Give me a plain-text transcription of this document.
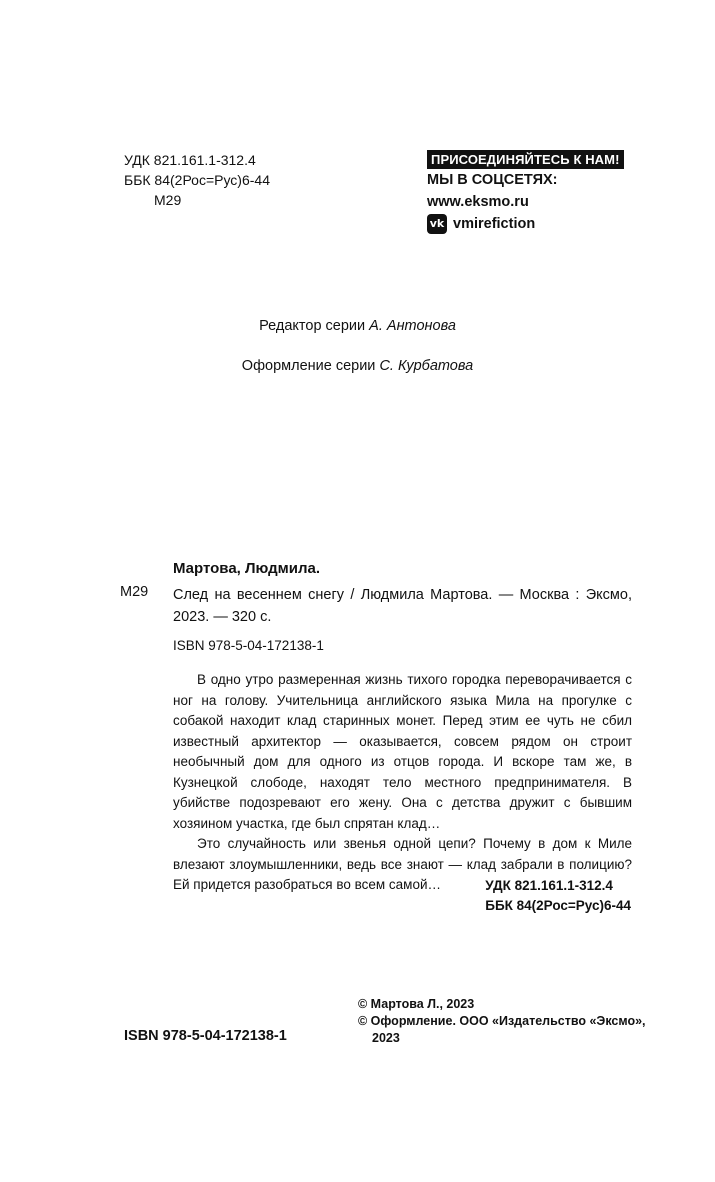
УДК 821.161.1-312.4
ББК 84(2Рос=Рус)6-44
М29
ПРИСОЕДИНЯЙТЕСЬ К НАМ!
МЫ В СОЦСЕТЯХ:
www.eksmo.ru
vk vmirefiction
Редактор серии А. Антонова
Оформление серии С. Курбатова
Мартова, Людмила.
М29 След на весеннем снегу / Людмила Мартова. — Москва : Эксмо, 2023. — 320 с.
ISBN 978-5-04-172138-1

В одно утро размеренная жизнь тихого городка переворачивается с ног на голову. Учительница английского языка Мила на прогулке с собакой находит клад старинных монет. Перед этим ее чуть не сбил известный архитектор — оказывается, совсем рядом он строит необычный дом для одного из отцов города. И вскоре там же, в Кузнецкой слободе, находят тело местного предпринимателя. В убийстве подозревают его жену. Она с детства дружит с бывшим хозяином участка, где был спрятан клад…

Это случайность или звенья одной цепи? Почему в дом к Миле влезают злоумышленники, ведь все знают — клад забрали в полицию? Ей придется разобраться во всем самой…	УДК 821.161.1-312.4
ББК 84(2Рос=Рус)6-44
ISBN 978-5-04-172138-1
© Мартова Л., 2023
© Оформление. ООО «Издательство «Эксмо»,
2023
